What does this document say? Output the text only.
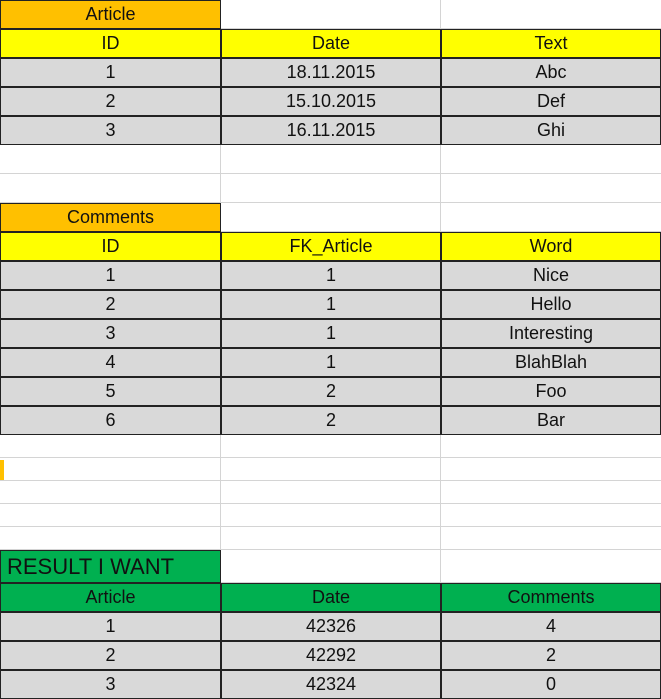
Article
ID	Date	Text
1	18.11.2015	Abc
2	15.10.2015	Def
3	16.11.2015	Ghi
Comments
ID	FK_Article	Word
1	1	Nice
2	1	Hello
3	1	Interesting
4	1	BlahBlah
5	2	Foo
6	2	Bar
RESULT I WANT
Article	Date	Comments
1	42326	4
2	42292	2
3	42324	0
